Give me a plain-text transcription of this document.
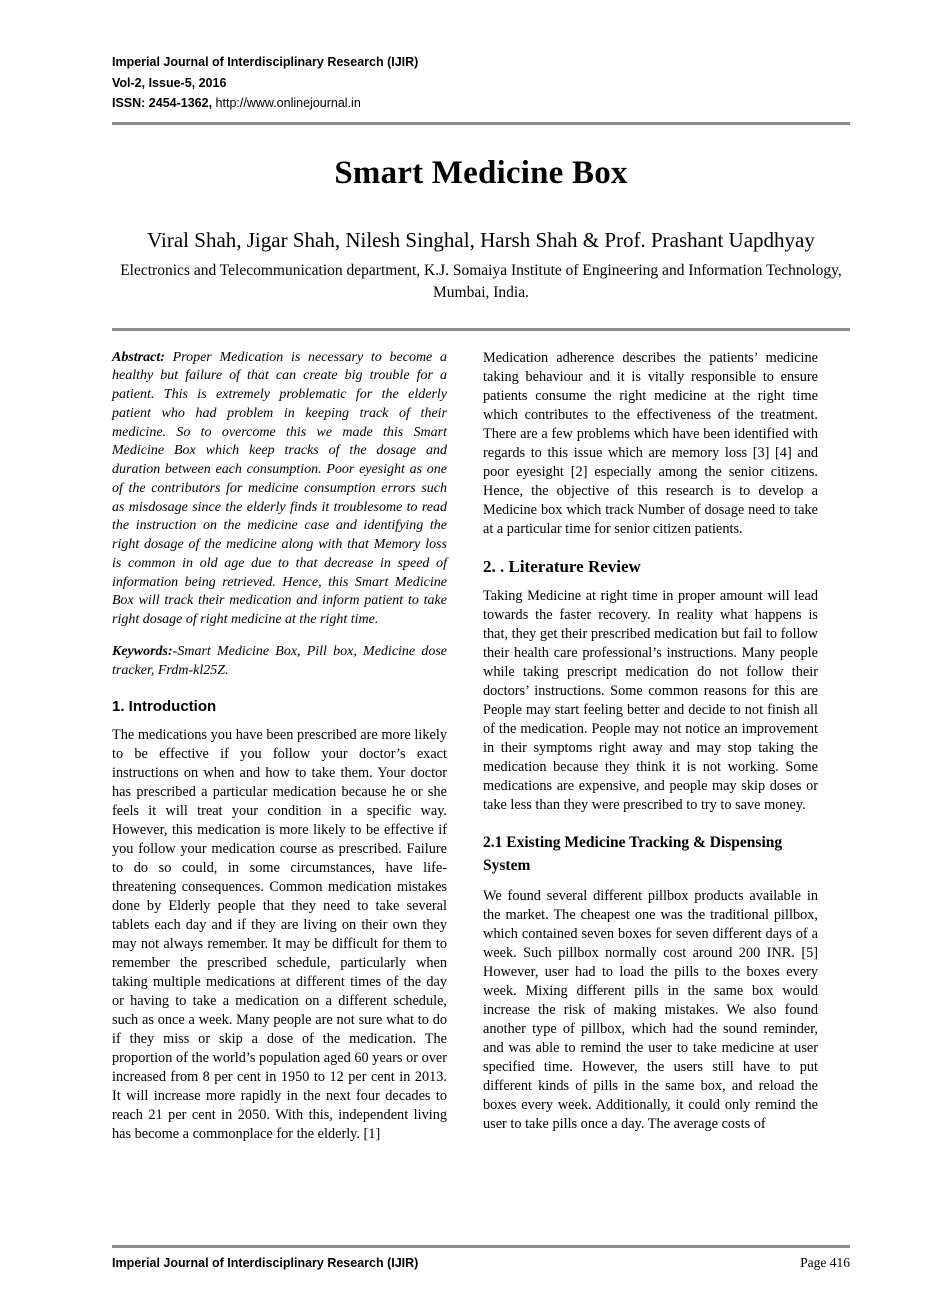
Imperial Journal of Interdisciplinary Research (IJIR)
Vol-2, Issue-5, 2016
ISSN: 2454-1362, http://www.onlinejournal.in
Smart Medicine Box
Viral Shah, Jigar Shah, Nilesh Singhal, Harsh Shah & Prof. Prashant Uapdhyay
Electronics and Telecommunication department, K.J. Somaiya Institute of Engineering and Information Technology, Mumbai, India.

Abstract: Proper Medication is necessary to become a healthy but failure of that can create big trouble for a patient. This is extremely problematic for the elderly patient who had problem in keeping track of their medicine. So to overcome this we made this Smart Medicine Box which keep tracks of the dosage and duration between each consumption. Poor eyesight as one of the contributors for medicine consumption errors such as misdosage since the elderly finds it troublesome to read the instruction on the medicine case and identifying the right dosage of the medicine along with that Memory loss is common in old age due to that decrease in speed of information being retrieved. Hence, this Smart Medicine Box will track their medication and inform patient to take right dosage of right medicine at the right time.

Keywords:-Smart Medicine Box, Pill box, Medicine dose tracker, Frdm-kl25Z.

1. Introduction

The medications you have been prescribed are more likely to be effective if you follow your doctor’s exact instructions on when and how to take them. Your doctor has prescribed a particular medication because he or she feels it will treat your condition in a specific way. However, this medication is more likely to be effective if you follow your medication course as prescribed. Failure to do so could, in some circumstances, have life-threatening consequences. Common medication mistakes done by Elderly people that they need to take several tablets each day and if they are living on their own they may not always remember. It may be difficult for them to remember the prescribed schedule, particularly when taking multiple medications at different times of the day or having to take a medication on a different schedule, such as once a week. Many people are not sure what to do if they miss or skip a dose of the medication. The proportion of the world’s population aged 60 years or over increased from 8 per cent in 1950 to 12 per cent in 2013. It will increase more rapidly in the next four decades to reach 21 per cent in 2050. With this, independent living has become a commonplace for the elderly. [1]

Medication adherence describes the patients’ medicine taking behaviour and it is vitally responsible to ensure patients consume the right medicine at the right time which contributes to the effectiveness of the treatment. There are a few problems which have been identified with regards to this issue which are memory loss [3] [4] and poor eyesight [2] especially among the senior citizens. Hence, the objective of this research is to develop a Medicine box which track Number of dosage need to take at a particular time for senior citizen patients.

2. . Literature Review

Taking Medicine at right time in proper amount will lead towards the faster recovery. In reality what happens is that, they get their prescribed medication but fail to follow their health care professional’s instructions. Many people while taking prescript medication do not follow their doctors’ instructions. Some common reasons for this are People may start feeling better and decide to not finish all of the medication. People may not notice an improvement in their symptoms right away and may stop taking the medication because they think it is not working. Some medications are expensive, and people may skip doses or take less than they were prescribed to try to save money.

2.1 Existing Medicine Tracking & Dispensing System

We found several different pillbox products available in the market. The cheapest one was the traditional pillbox, which contained seven boxes for seven different days of a week. Such pillbox normally cost around 200 INR. [5] However, user had to load the pills to the boxes every week. Mixing different pills in the same box would increase the risk of making mistakes. We also found another type of pillbox, which had the sound reminder, and was able to remind the user to take medicine at user specified time. However, the users still have to put different kinds of pills in the same box, and reload the boxes every week. Additionally, it could only remind the user to take pills once a day. The average costs of

Imperial Journal of Interdisciplinary Research (IJIR)	Page 416
